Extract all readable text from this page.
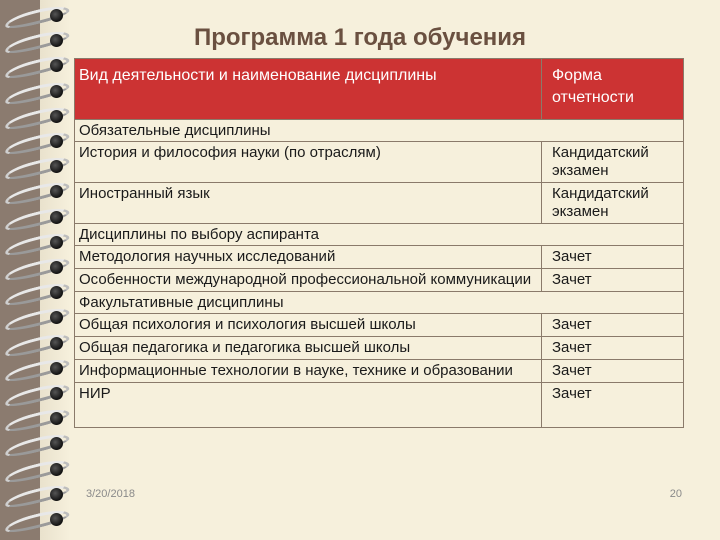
Программа 1 года обучения
Вид деятельности и наименование дисциплины	Форма отчетности
Обязательные дисциплины	
История и философия науки (по отраслям)	Кандидатский экзамен
Иностранный язык	Кандидатский экзамен
Дисциплины по выбору аспиранта	
Методология научных исследований	Зачет
Особенности международной профессиональной коммуникации	Зачет
Факультативные дисциплины	
Общая психология и психология высшей школы	Зачет
Общая педагогика и педагогика высшей школы	Зачет
Информационные технологии в науке, технике и образовании	Зачет
НИР	Зачет
3/20/2018	20
